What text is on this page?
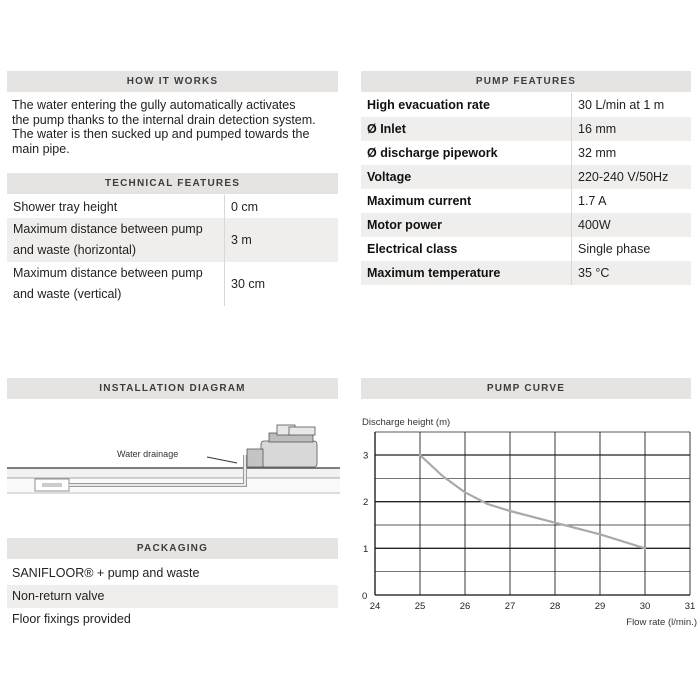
HOW IT WORKS
The water entering the gully automatically activates
the pump thanks to the internal drain detection system.
The water is then sucked up and pumped towards the
main pipe.
TECHNICAL FEATURES
Shower tray height	0 cm

Maximum distance between pump
and waste (horizontal)	3 m

Maximum distance between pump
and waste (vertical)	30 cm
PUMP FEATURES
High evacuation rate	30 L/min at 1 m
Ø Inlet	16 mm
Ø discharge pipework	32 mm
Voltage	220-240 V/50Hz
Maximum current	1.7 A
Motor power	400W
Electrical class	Single phase
Maximum temperature	35 °C
INSTALLATION DIAGRAM
Water drainage
PACKAGING
SANIFLOOR® + pump and waste
Non-return valve
Floor fixings provided
PUMP CURVE
Discharge height (m)
0
1
2
3
24	25	26	27	28	29	30	31
Flow rate (l/min.)
